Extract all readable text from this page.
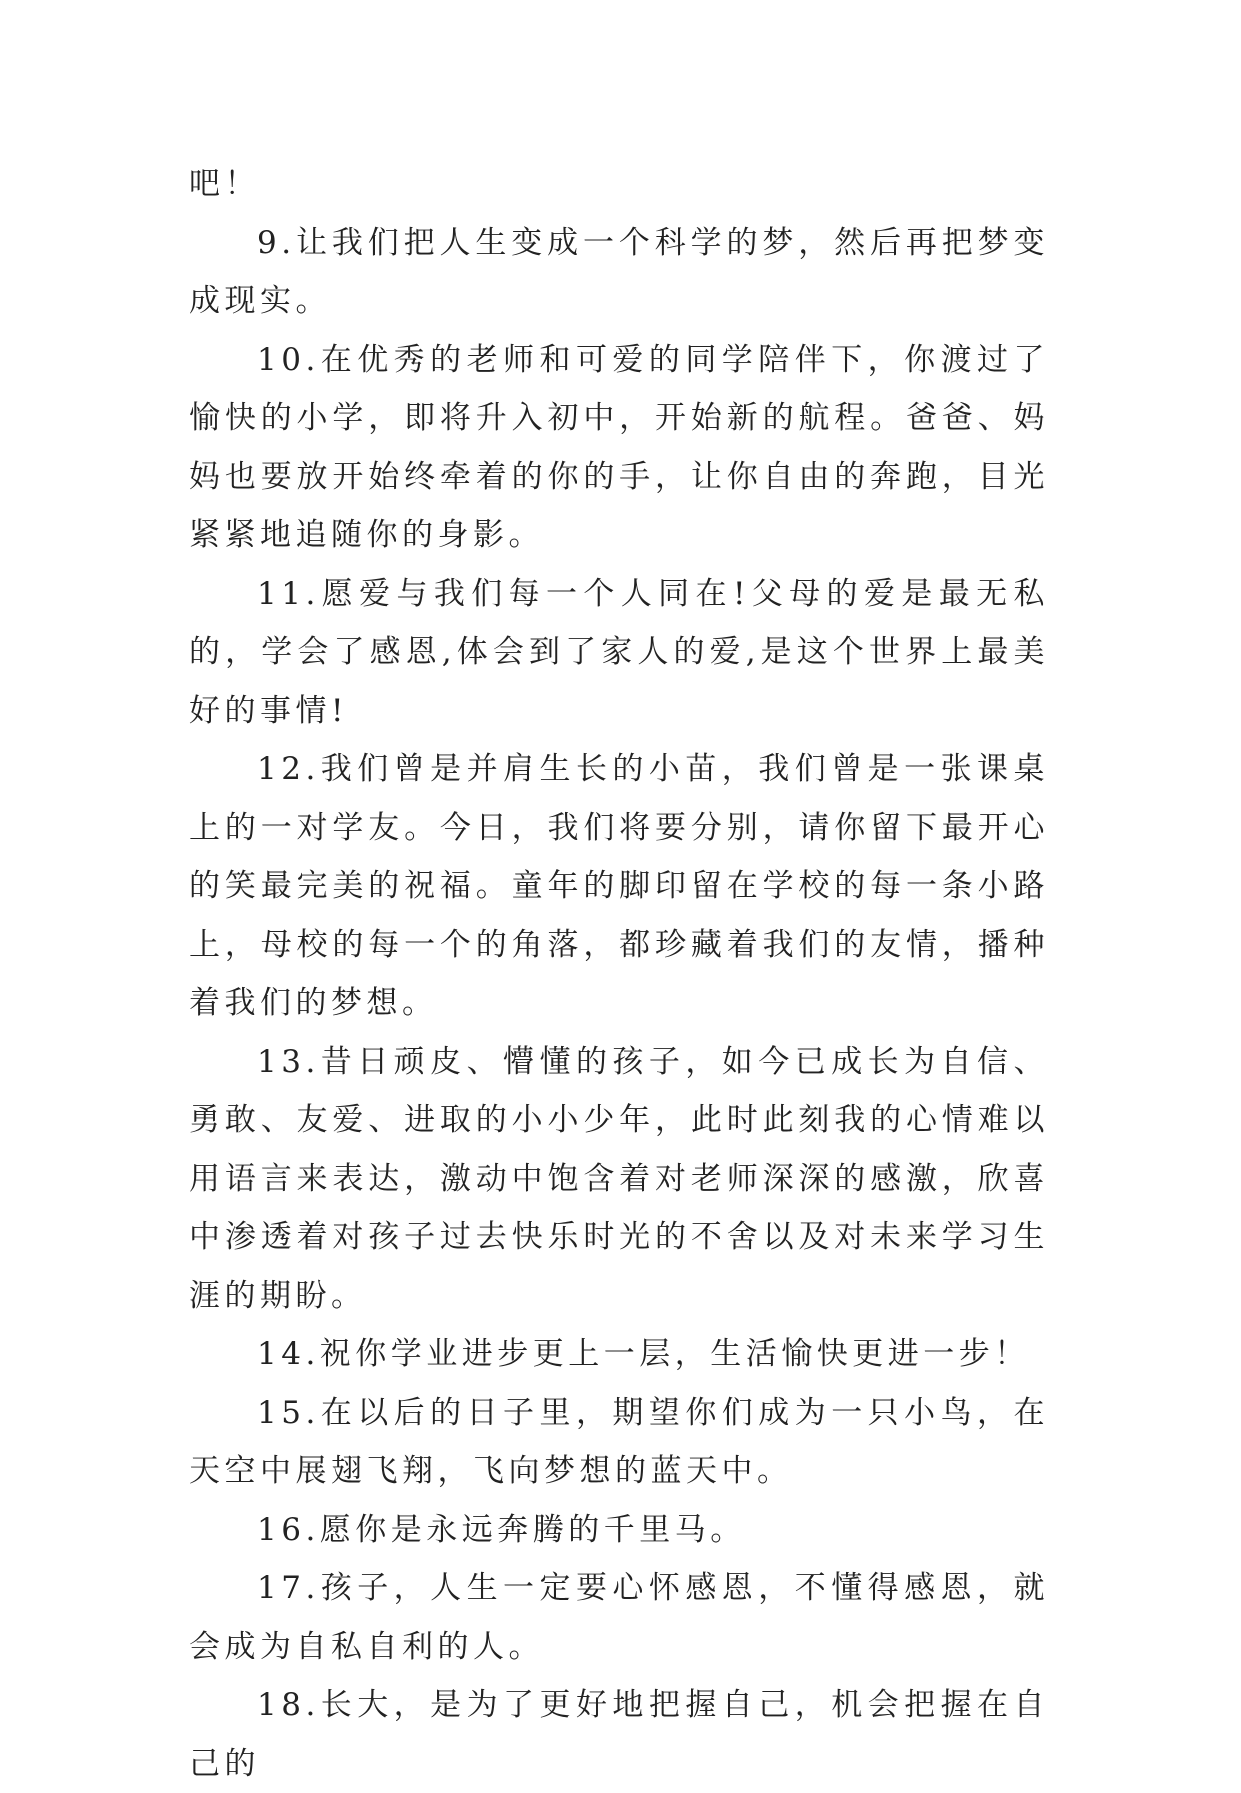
吧！

9.让我们把人生变成一个科学的梦，然后再把梦变成现实。

10.在优秀的老师和可爱的同学陪伴下，你渡过了愉快的小学，即将升入初中，开始新的航程。爸爸、妈妈也要放开始终牵着的你的手，让你自由的奔跑，目光紧紧地追随你的身影。

11.愿爱与我们每一个人同在!父母的爱是最无私的，学会了感恩,体会到了家人的爱,是这个世界上最美好的事情!

12.我们曾是并肩生长的小苗，我们曾是一张课桌上的一对学友。今日，我们将要分别，请你留下最开心的笑最完美的祝福。童年的脚印留在学校的每一条小路上，母校的每一个的角落，都珍藏着我们的友情，播种着我们的梦想。

13.昔日顽皮、懵懂的孩子，如今已成长为自信、勇敢、友爱、进取的小小少年，此时此刻我的心情难以用语言来表达，激动中饱含着对老师深深的感激，欣喜中渗透着对孩子过去快乐时光的不舍以及对未来学习生涯的期盼。

14.祝你学业进步更上一层，生活愉快更进一步！

15.在以后的日子里，期望你们成为一只小鸟，在天空中展翅飞翔，飞向梦想的蓝天中。

16.愿你是永远奔腾的千里马。

17.孩子，人生一定要心怀感恩，不懂得感恩，就会成为自私自利的人。

18.长大，是为了更好地把握自己，机会把握在自己的
